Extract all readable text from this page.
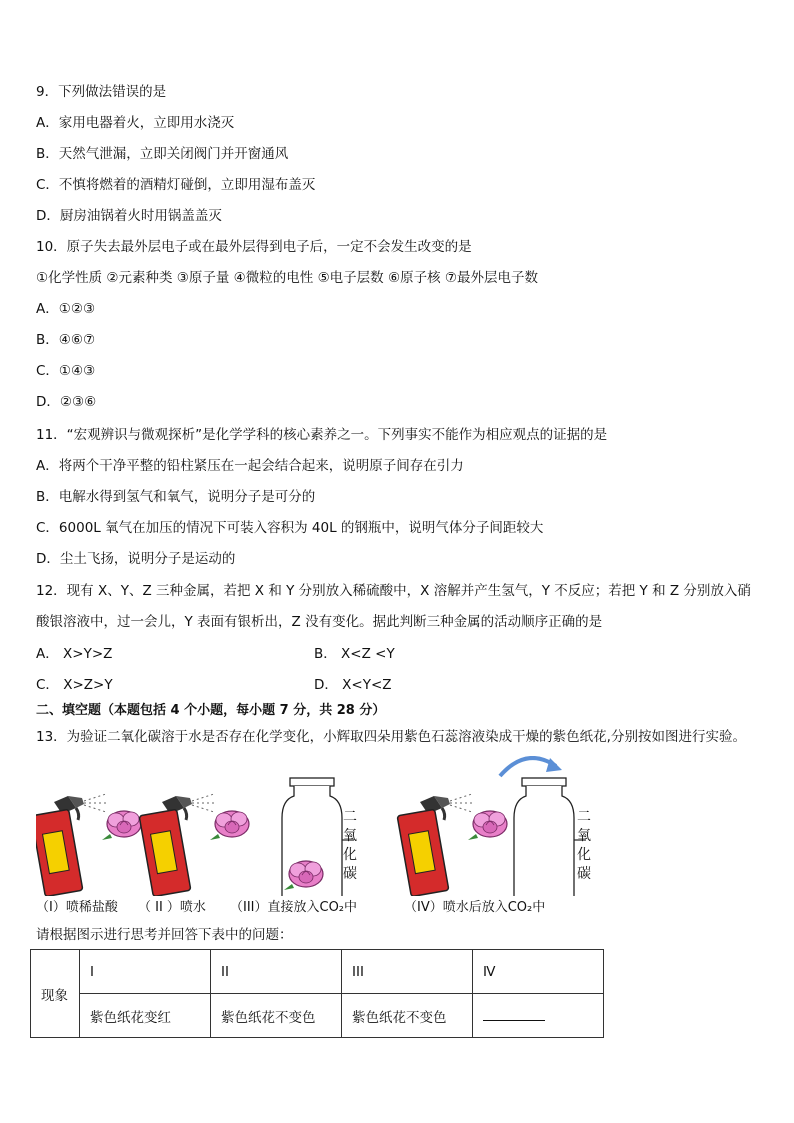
9．下列做法错误的是
A．家用电器着火，立即用水浇灭
B．天然气泄漏，立即关闭阀门并开窗通风
C．不慎将燃着的酒精灯碰倒，立即用湿布盖灭
D．厨房油锅着火时用锅盖盖灭
10．原子失去最外层电子或在最外层得到电子后，一定不会发生改变的是
①化学性质 ②元素种类 ③原子量 ④微粒的电性 ⑤电子层数 ⑥原子核 ⑦最外层电子数
A．①②③
B．④⑥⑦
C．①④③
D．②③⑥
11．“宏观辨识与微观探析”是化学学科的核心素养之一。下列事实不能作为相应观点的证据的是
A．将两个干净平整的铅柱紧压在一起会结合起来，说明原子间存在引力
B．电解水得到氢气和氧气，说明分子是可分的
C．6000L 氧气在加压的情况下可装入容积为 40L 的钢瓶中，说明气体分子间距较大
D．尘土飞扬，说明分子是运动的
12．现有 X、Y、Z 三种金属，若把 X 和 Y 分别放入稀硫酸中，X 溶解并产生氢气，Y 不反应；若把 Y 和 Z 分别放入硝酸银溶液中，过一会儿，Y 表面有银析出，Z 没有变化。据此判断三种金属的活动顺序正确的是
A． X>Y>Z	B． X<Z <Y
C． X>Z>Y	D． X<Y<Z
二、填空题（本题包括 4 个小题，每小题 7 分，共 28 分）
13．为验证二氧化碳溶于水是否存在化学变化，小辉取四朵用紫色石蕊溶液染成干燥的紫色纸花,分别按如图进行实验。
二
氧
化
碳
二
氧
化
碳
（I）喷稀盐酸 （ II ）喷水 （III）直接放入CO₂中	（IV）喷水后放入CO₂中
请根据图示进行思考并回答下表中的问题：
现象	I	II	III	Ⅳ
	紫色纸花变红	紫色纸花不变色	紫色纸花不变色	
